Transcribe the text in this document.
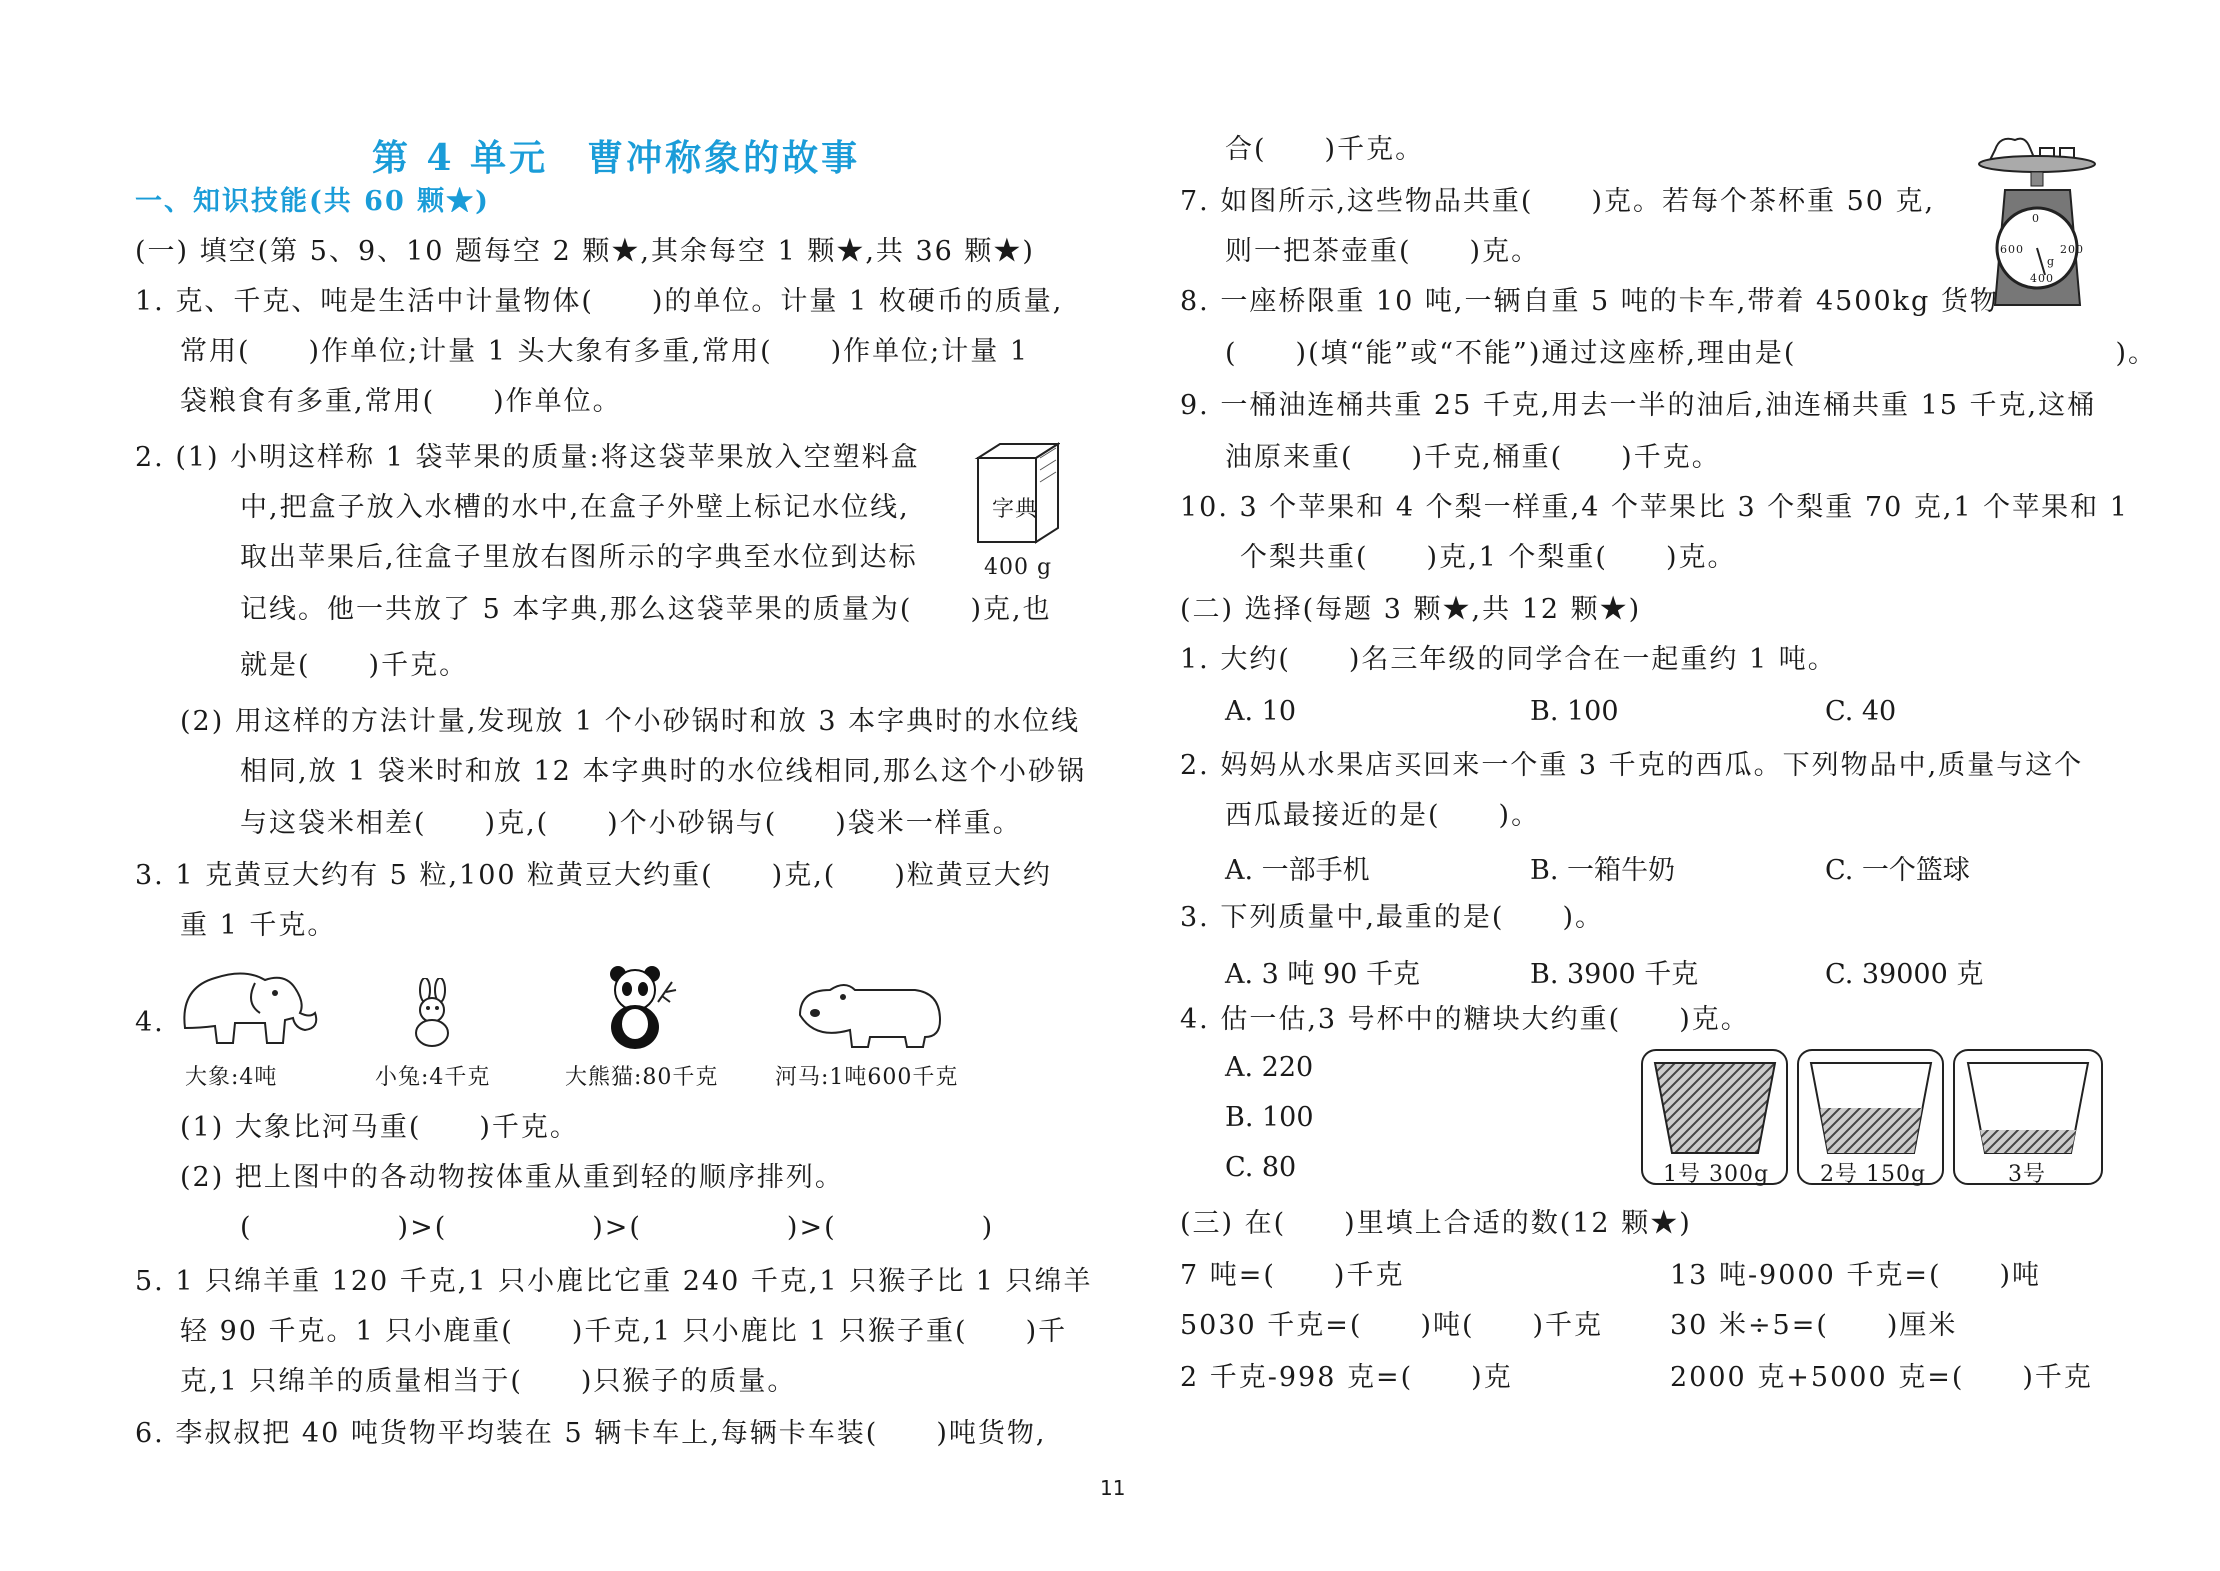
第 4 单元　曹冲称象的故事
一、知识技能(共 60 颗★)
(一) 填空(第 5、9、10 题每空 2 颗★,其余每空 1 颗★,共 36 颗★)
1. 克、千克、吨是生活中计量物体(　　)的单位。计量 1 枚硬币的质量,
常用(　　)作单位;计量 1 头大象有多重,常用(　　)作单位;计量 1
袋粮食有多重,常用(　　)作单位。
2. (1) 小明这样称 1 袋苹果的质量:将这袋苹果放入空塑料盒
中,把盒子放入水槽的水中,在盒子外壁上标记水位线,
取出苹果后,往盒子里放右图所示的字典至水位到达标
记线。他一共放了 5 本字典,那么这袋苹果的质量为(　　)克,也
就是(　　)千克。
(2) 用这样的方法计量,发现放 1 个小砂锅时和放 3 本字典时的水位线
相同,放 1 袋米时和放 12 本字典时的水位线相同,那么这个小砂锅
与这袋米相差(　　)克,(　　)个小砂锅与(　　)袋米一样重。
字典
400 g
3. 1 克黄豆大约有 5 粒,100 粒黄豆大约重(　　)克,(　　)粒黄豆大约
重 1 千克。
4.
大象:4吨	小兔:4千克	大熊猫:80千克	河马:1吨600千克
(1) 大象比河马重(　　)千克。
(2) 把上图中的各动物按体重从重到轻的顺序排列。
(　　　　　)>(　　　　　)>(　　　　　)>(　　　　　)
5. 1 只绵羊重 120 千克,1 只小鹿比它重 240 千克,1 只猴子比 1 只绵羊
轻 90 千克。1 只小鹿重(　　)千克,1 只小鹿比 1 只猴子重(　　)千
克,1 只绵羊的质量相当于(　　)只猴子的质量。
6. 李叔叔把 40 吨货物平均装在 5 辆卡车上,每辆卡车装(　　)吨货物,
合(　　)千克。
7. 如图所示,这些物品共重(　　)克。若每个茶杯重 50 克,
则一把茶壶重(　　)克。
0
600	200
400
g
8. 一座桥限重 10 吨,一辆自重 5 吨的卡车,带着 4500kg 货物
(　　)(填“能”或“不能”)通过这座桥,理由是(　　　　　　　　　　　)。
9. 一桶油连桶共重 25 千克,用去一半的油后,油连桶共重 15 千克,这桶
油原来重(　　)千克,桶重(　　)千克。
10. 3 个苹果和 4 个梨一样重,4 个苹果比 3 个梨重 70 克,1 个苹果和 1
个梨共重(　　)克,1 个梨重(　　)克。
(二) 选择(每题 3 颗★,共 12 颗★)
1. 大约(　　)名三年级的同学合在一起重约 1 吨。
A. 10	B. 100	C. 40
2. 妈妈从水果店买回来一个重 3 千克的西瓜。下列物品中,质量与这个
西瓜最接近的是(　　)。
A. 一部手机	B. 一箱牛奶	C. 一个篮球
3. 下列质量中,最重的是(　　)。
A. 3 吨 90 千克	B. 3900 千克	C. 39000 克
4. 估一估,3 号杯中的糖块大约重(　　)克。
A. 220
B. 100
C. 80	1号 300g 2号 150g	3号
(三) 在(　　)里填上合适的数(12 颗★)
7 吨=(　　)千克	13 吨-9000 千克=(　　)吨
5030 千克=(　　)吨(　　)千克 30 米÷5=(　　)厘米
2 千克-998 克=(　　)克	2000 克+5000 克=(　　)千克
11
